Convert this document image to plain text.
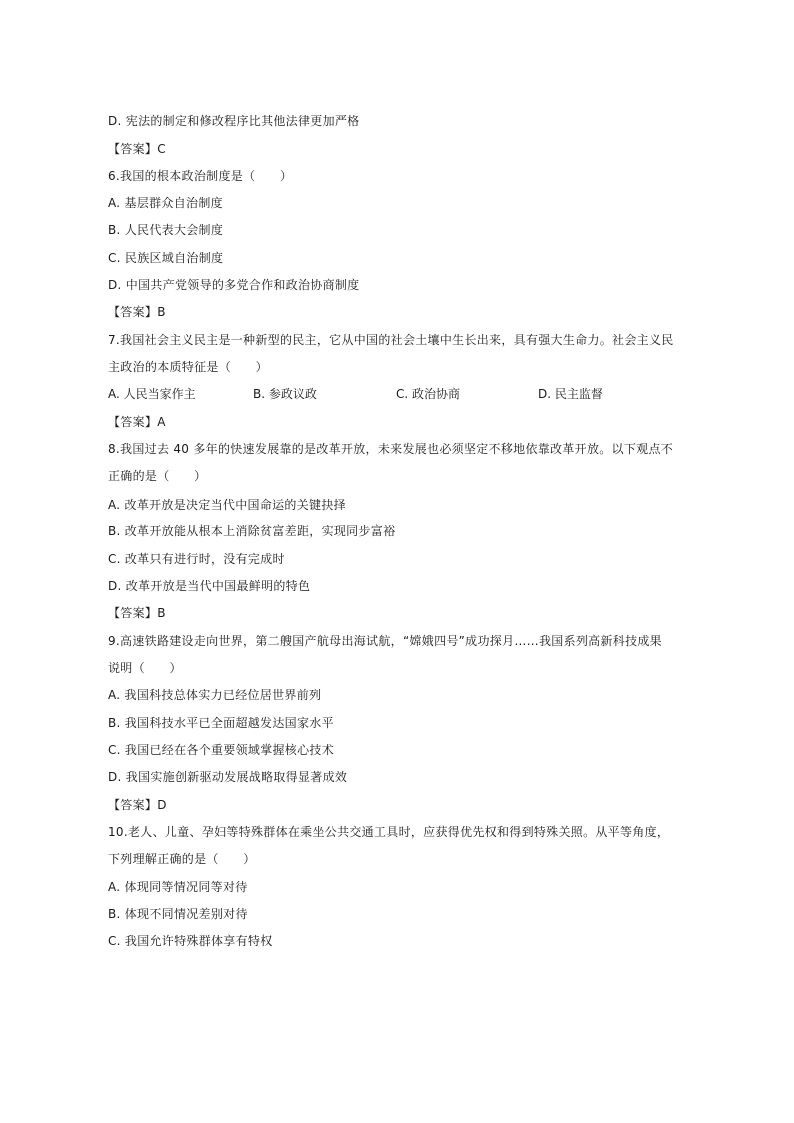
D. 宪法的制定和修改程序比其他法律更加严格
【答案】C
6.我国的根本政治制度是（　　）
A. 基层群众自治制度
B. 人民代表大会制度
C. 民族区域自治制度
D. 中国共产党领导的多党合作和政治协商制度
【答案】B
7.我国社会主义民主是一种新型的民主，它从中国的社会土壤中生长出来，具有强大生命力。社会主义民
主政治的本质特征是（　　）
A. 人民当家作主	B. 参政议政	C. 政治协商	D. 民主监督
【答案】A
8.我国过去 40 多年的快速发展靠的是改革开放，未来发展也必须坚定不移地依靠改革开放。以下观点不
正确的是（　　）
A. 改革开放是决定当代中国命运的关键抉择
B. 改革开放能从根本上消除贫富差距，实现同步富裕
C. 改革只有进行时，没有完成时
D. 改革开放是当代中国最鲜明的特色
【答案】B
9.高速铁路建设走向世界，第二艘国产航母出海试航，“嫦娥四号”成功探月……我国系列高新科技成果
说明（　　）
A. 我国科技总体实力已经位居世界前列
B. 我国科技水平已全面超越发达国家水平
C. 我国已经在各个重要领域掌握核心技术
D. 我国实施创新驱动发展战略取得显著成效
【答案】D
10.老人、儿童、孕妇等特殊群体在乘坐公共交通工具时，应获得优先权和得到特殊关照。从平等角度，
下列理解正确的是（　　）
A. 体现同等情况同等对待
B. 体现不同情况差别对待
C. 我国允许特殊群体享有特权
